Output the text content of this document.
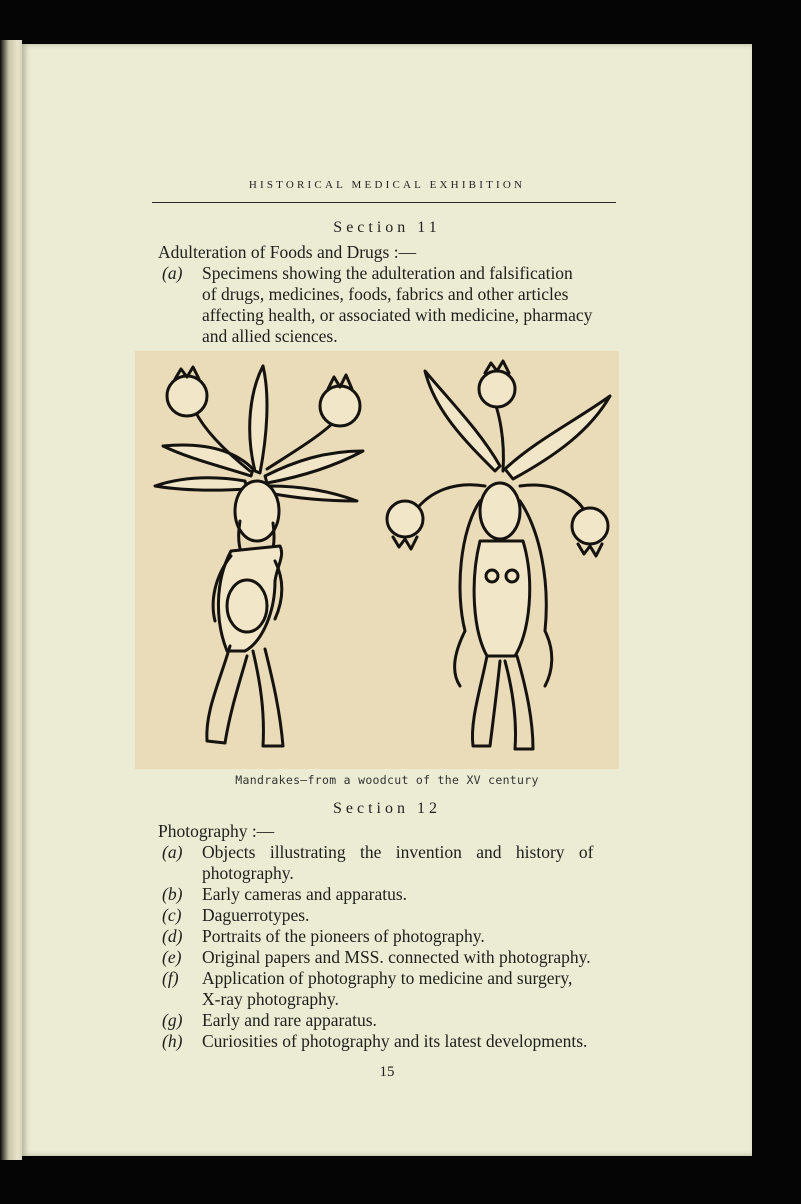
HISTORICAL MEDICAL EXHIBITION
Section 11
Adulteration of Foods and Drugs :—
(a) Specimens showing the adulteration and falsification
of drugs, medicines, foods, fabrics and other articles
affecting health, or associated with medicine, pharmacy
and allied sciences.
Mandrakes—from a woodcut of the XV century
Section 12
Photography :—
(a) Objects illustrating the invention and history of
photography.
(b) Early cameras and apparatus.
(c) Daguerrotypes.
(d) Portraits of the pioneers of photography.
(e) Original papers and MSS. connected with photography.
(f) Application of photography to medicine and surgery,
X-ray photography.
(g) Early and rare apparatus.
(h) Curiosities of photography and its latest developments.
15
